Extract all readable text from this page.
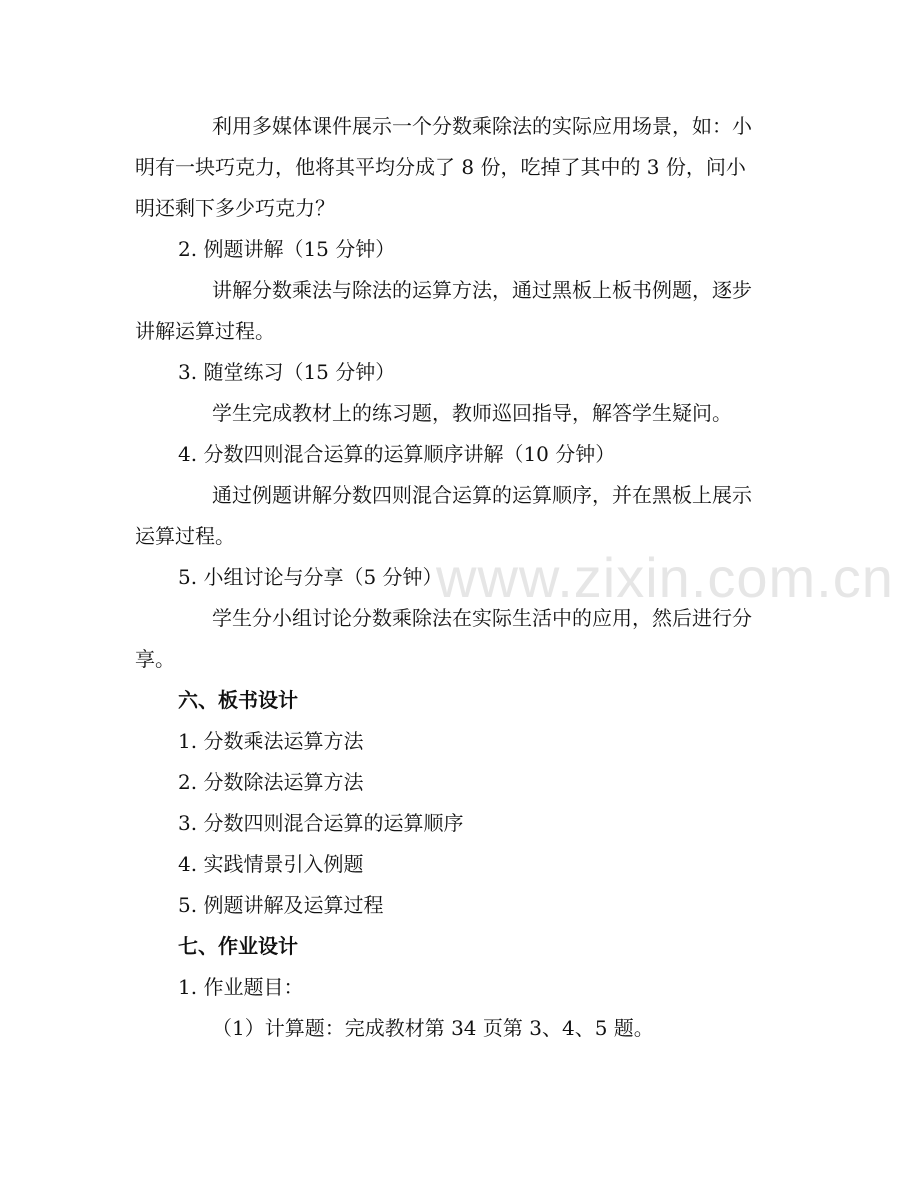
www.zixin.com.cn
利用多媒体课件展示一个分数乘除法的实际应用场景，如：小
明有一块巧克力，他将其平均分成了 8 份，吃掉了其中的 3 份，问小
明还剩下多少巧克力？
2. 例题讲解（15 分钟）
讲解分数乘法与除法的运算方法，通过黑板上板书例题，逐步
讲解运算过程。
3. 随堂练习（15 分钟）
学生完成教材上的练习题，教师巡回指导，解答学生疑问。
4. 分数四则混合运算的运算顺序讲解（10 分钟）
通过例题讲解分数四则混合运算的运算顺序，并在黑板上展示
运算过程。
5. 小组讨论与分享（5 分钟）
学生分小组讨论分数乘除法在实际生活中的应用，然后进行分
享。
六、板书设计
1. 分数乘法运算方法
2. 分数除法运算方法
3. 分数四则混合运算的运算顺序
4. 实践情景引入例题
5. 例题讲解及运算过程
七、作业设计
1. 作业题目：
（1）计算题：完成教材第 34 页第 3、4、5 题。
